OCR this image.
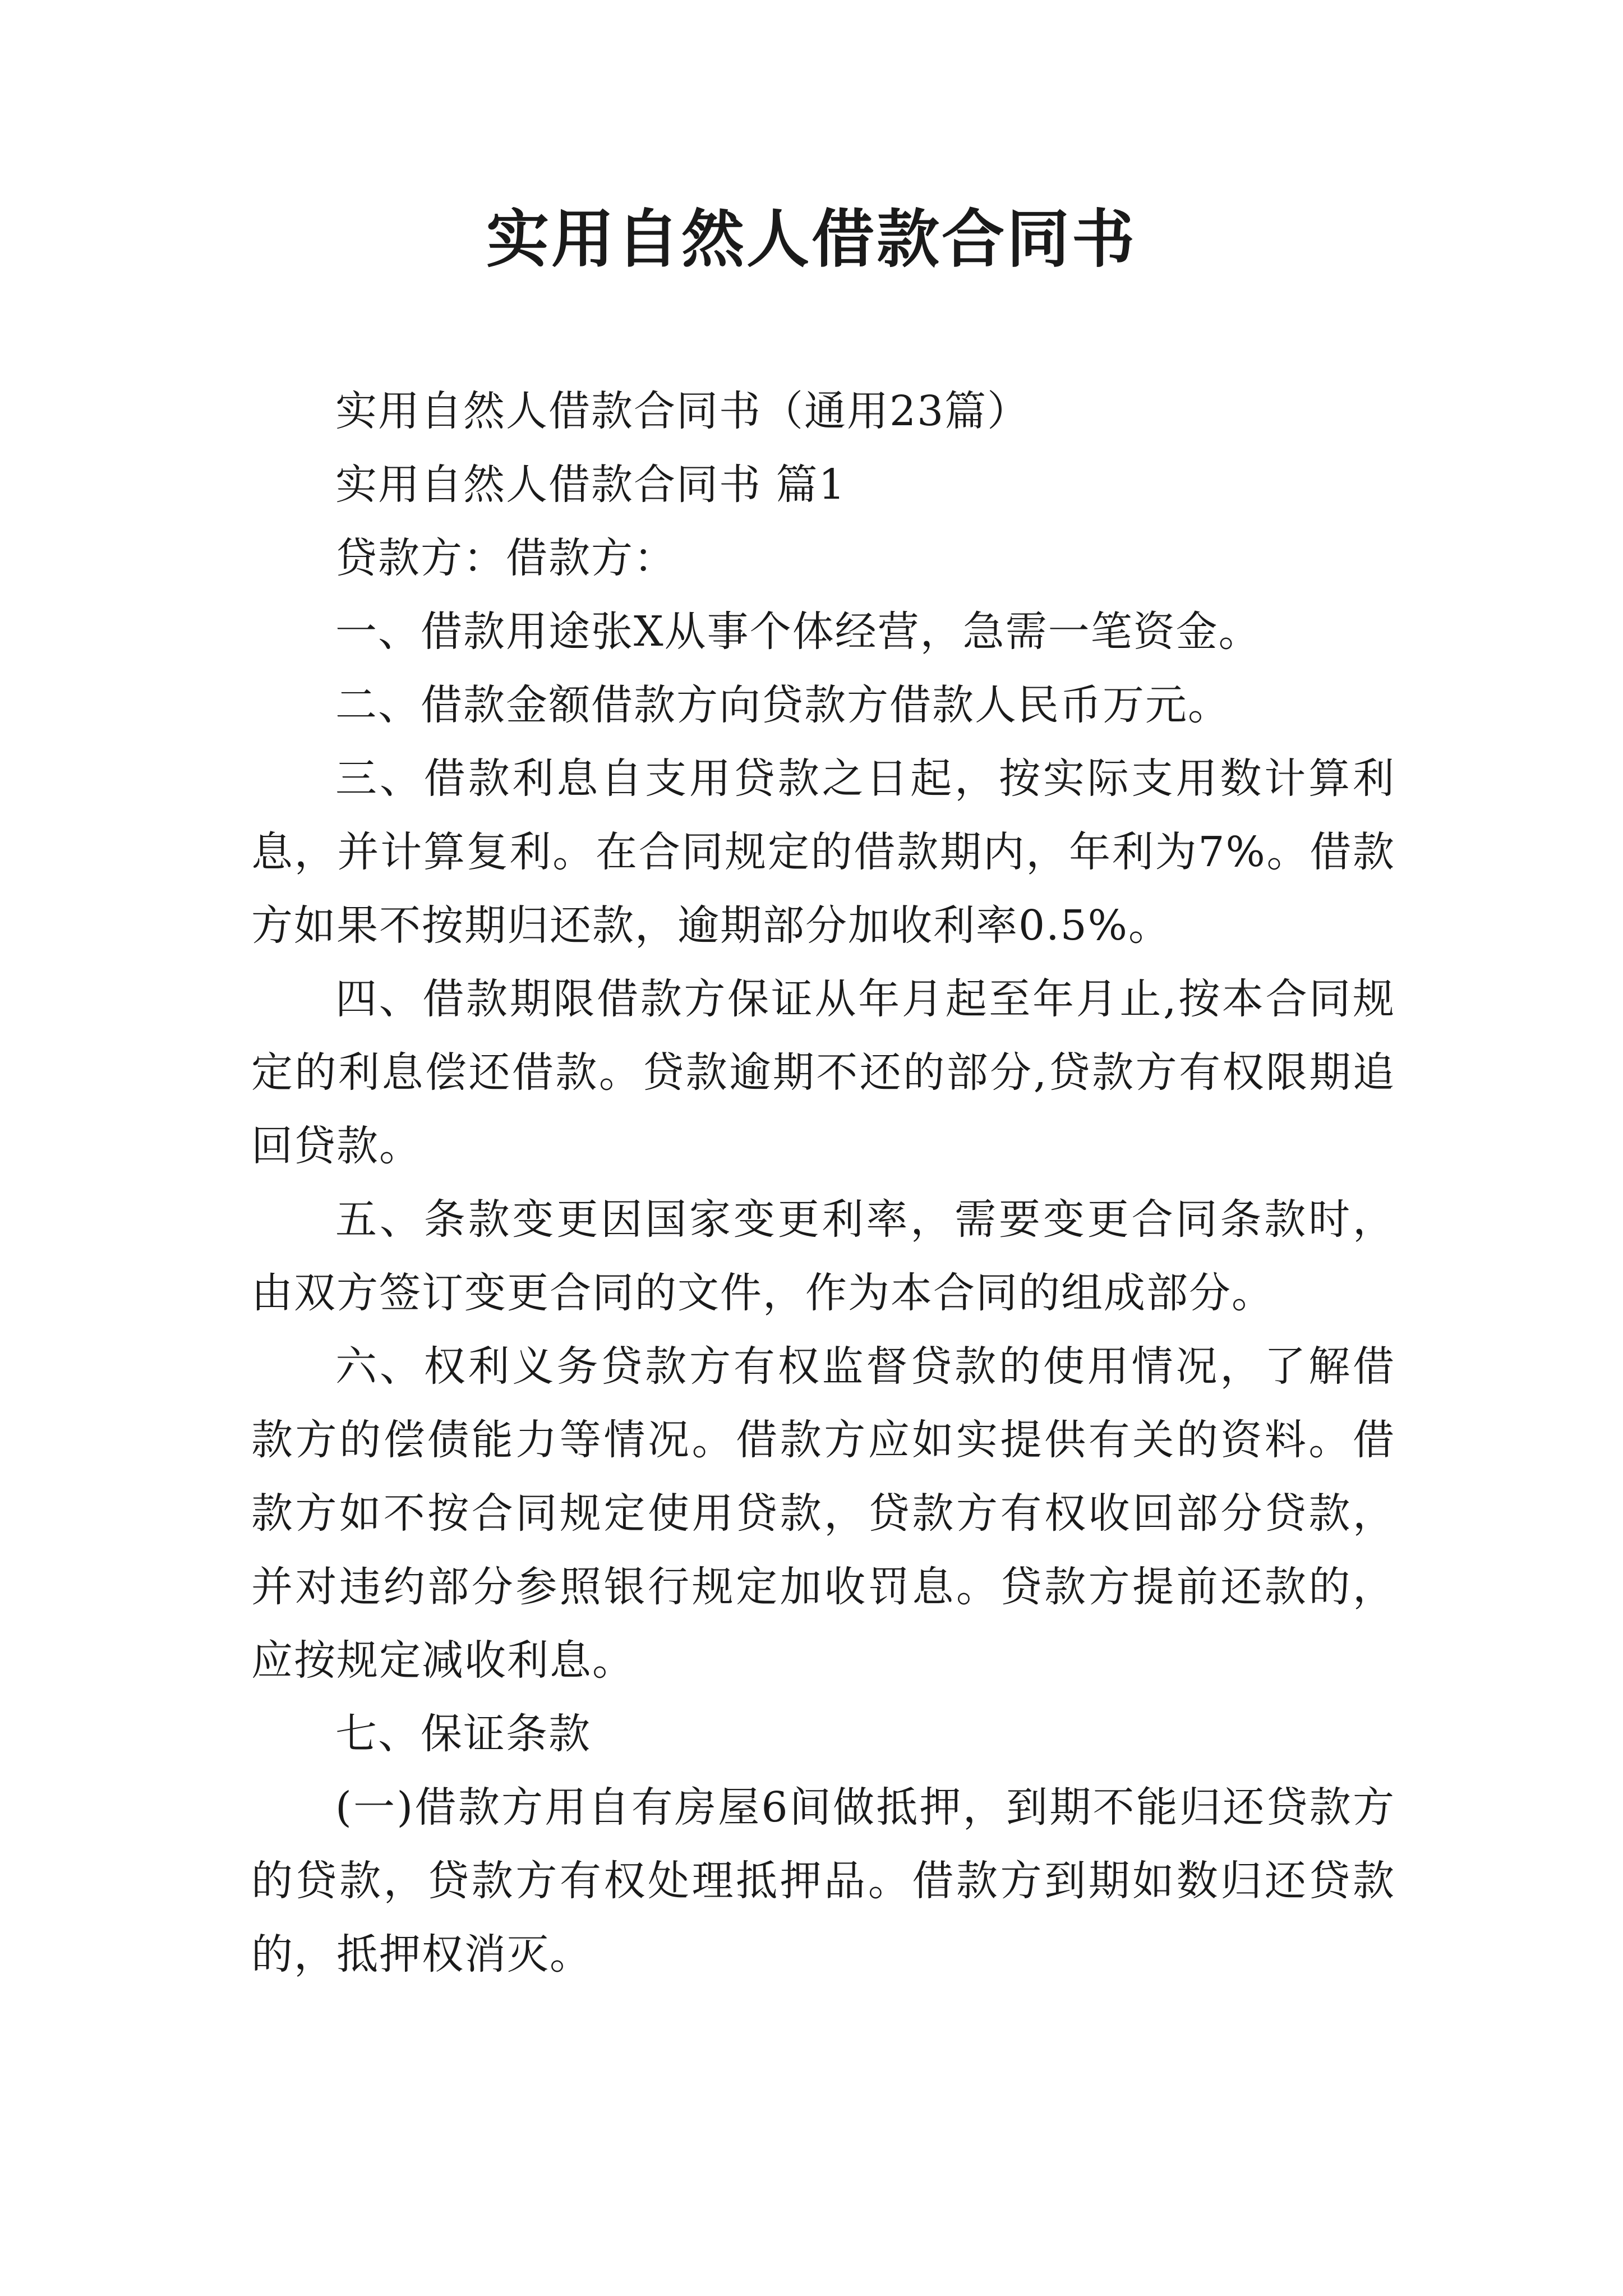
实用自然人借款合同书

实用自然人借款合同书（通用23篇）

实用自然人借款合同书 篇1

贷款方：借款方：

一、借款用途张X从事个体经营，急需一笔资金。

二、借款金额借款方向贷款方借款人民币万元。

三、借款利息自支用贷款之日起，按实际支用数计算利息，并计算复利。在合同规定的借款期内，年利为7%。借款方如果不按期归还款，逾期部分加收利率0.5%。

四、借款期限借款方保证从年月起至年月止,按本合同规定的利息偿还借款。贷款逾期不还的部分,贷款方有权限期追回贷款。

五、条款变更因国家变更利率，需要变更合同条款时，由双方签订变更合同的文件，作为本合同的组成部分。

六、权利义务贷款方有权监督贷款的使用情况，了解借款方的偿债能力等情况。借款方应如实提供有关的资料。借款方如不按合同规定使用贷款，贷款方有权收回部分贷款，并对违约部分参照银行规定加收罚息。贷款方提前还款的，应按规定减收利息。

七、保证条款

(一)借款方用自有房屋6间做抵押，到期不能归还贷款方的贷款，贷款方有权处理抵押品。借款方到期如数归还贷款的，抵押权消灭。
